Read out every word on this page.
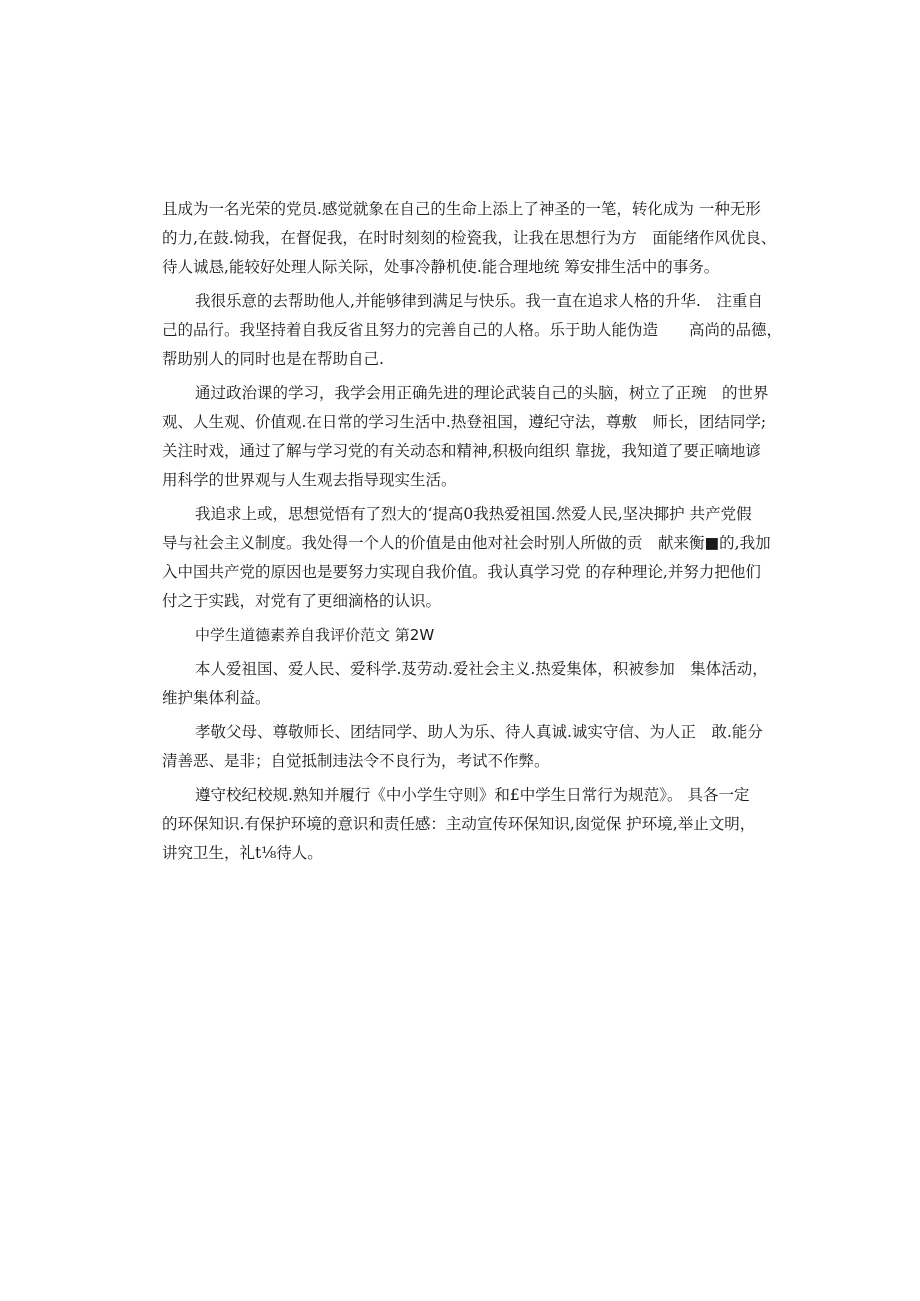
且成为一名光荣的党员.感觉就象在自己的生命上添上了神圣的一笔，转化成为 一种无形
的力,在鼓.恸我，在督促我，在时时刻刻的检瓷我，让我在思想行为方　面能绪作风优良、
待人诚恳,能较好处理人际关际，处事冷静机使.能合理地统 筹安排生活中的事务。
我很乐意的去帮助他人,并能够律到满足与快乐。我一直在追求人格的升华.　注重自
己的品行。我坚持着自我反省且努力的完善自己的人格。乐于助人能伪造　　高尚的品德，
帮助别人的同时也是在帮助自己.
通过政治课的学习，我学会用正确先进的理论武装自己的头脑，树立了正琬　的世界
观、人生观、价值观.在日常的学习生活中.热登祖国，遵纪守法，尊敷　师长，团结同学;
关注时戏，通过了解与学习党的有关动态和精神,积极向组织 靠拢，我知道了要正嘀地谚
用科学的世界观与人生观去指导现实生活。
我追求上或，思想觉悟有了烈大的‘提高0我热爱祖国.然爱人民,坚决揶护 共产党假
导与社会主义制度。我处得一个人的价值是由他对社会时别人所做的贡　献来衡■的,我加
入中国共产党的原因也是要努力实现自我价值。我认真学习党 的存种理论,并努力把他们
付之于实践，对党有了更细滴格的认识。
中学生道德素养自我评价范文 第2W
本人爱祖国、爱人民、爱科学.芨劳动.爱社会主义.热爱集体，积被参加　集体活动，
维护集体利益。
孝敬父母、尊敬师长、团结同学、助人为乐、待人真诚.诚实守信、为人正　敢.能分
清善恶、是非；自觉抵制违法令不良行为，考试不作弊。
遵守校纪校规.熟知并履行《中小学生守则》和£中学生日常行为规范》。 具各一定
的环保知识.有保护环境的意识和责任感：主动宣传环保知识,囱觉保 护环境,举止文明，
讲究卫生，礼t⅛待人。
